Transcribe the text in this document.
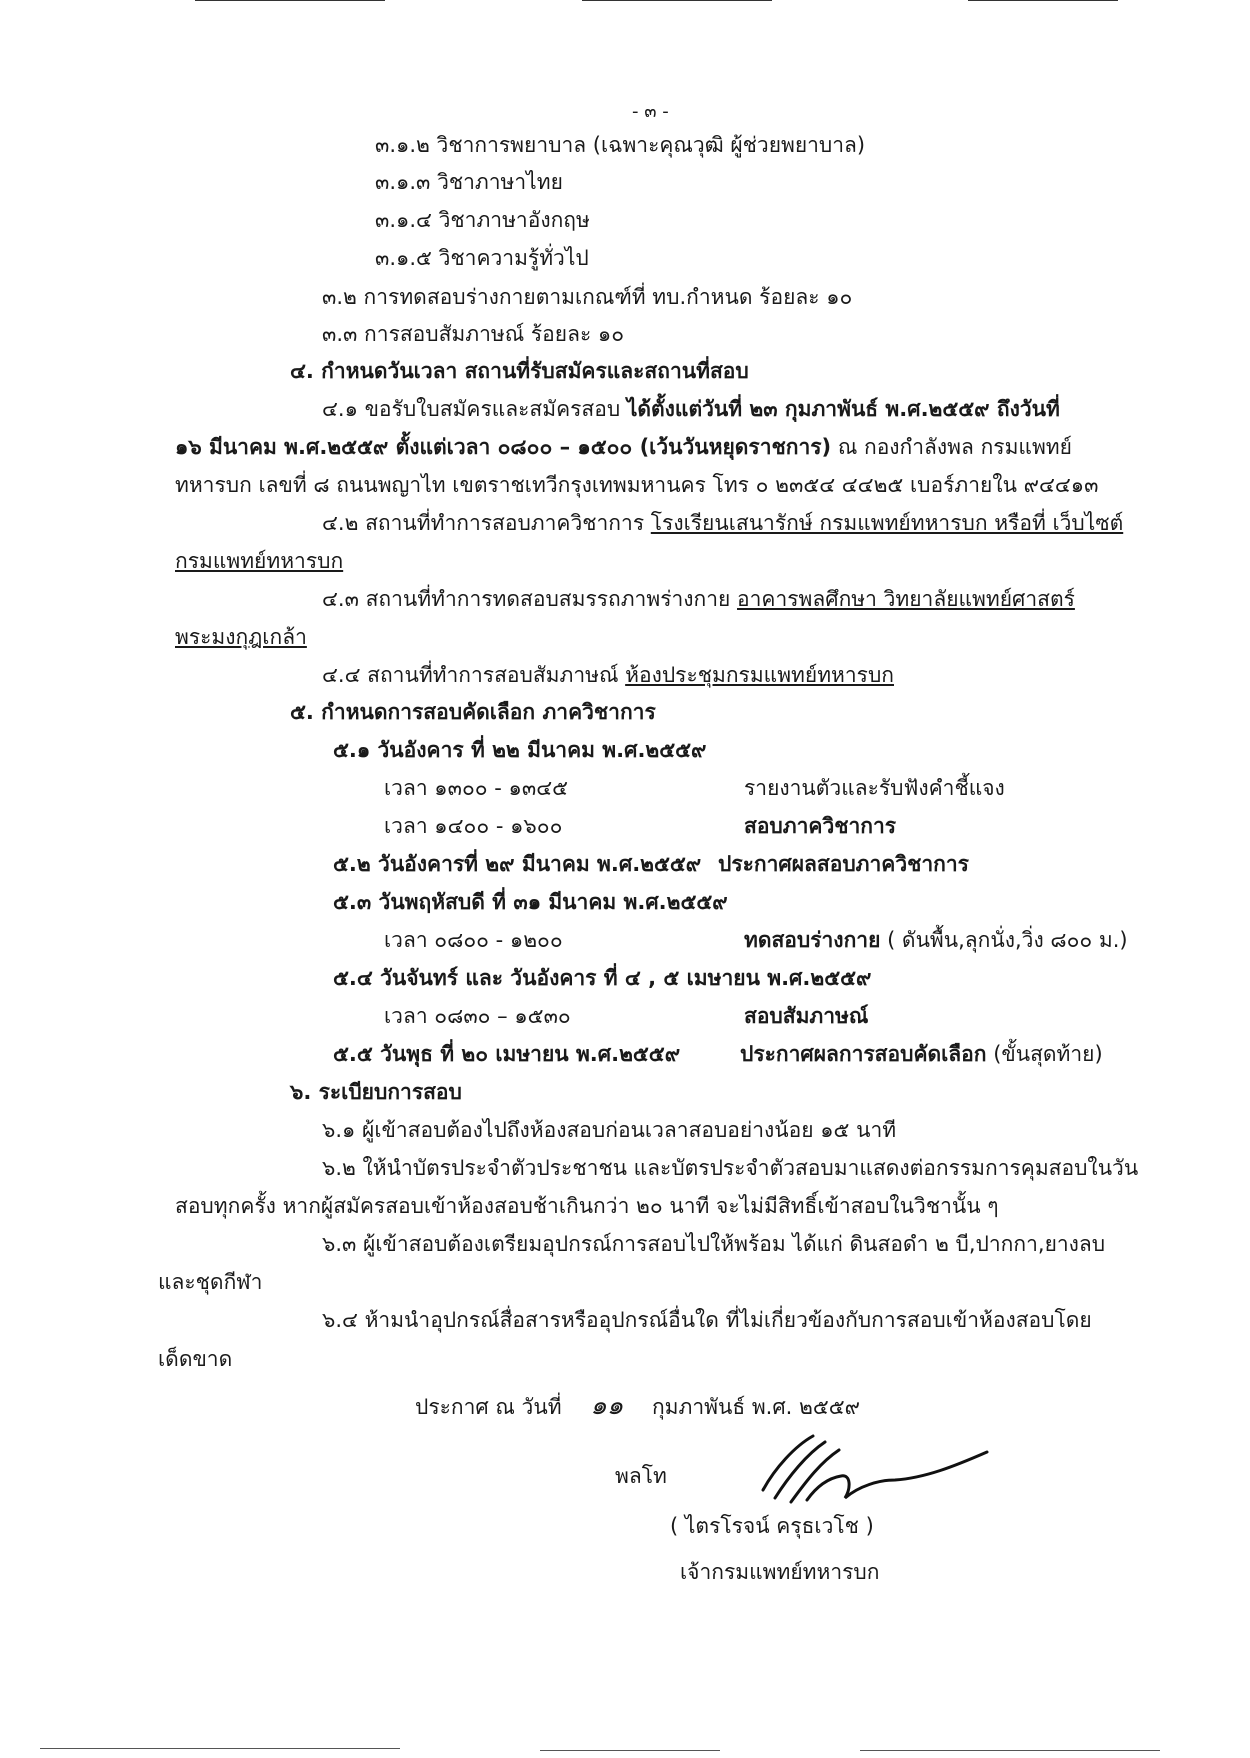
- ๓ -
๓.๑.๒ วิชาการพยาบาล (เฉพาะคุณวุฒิ ผู้ช่วยพยาบาล)
๓.๑.๓ วิชาภาษาไทย
๓.๑.๔ วิชาภาษาอังกฤษ
๓.๑.๕ วิชาความรู้ทั่วไป
๓.๒ การทดสอบร่างกายตามเกณฑ์ที่ ทบ.กำหนด ร้อยละ ๑๐
๓.๓ การสอบสัมภาษณ์ ร้อยละ ๑๐
๔. กำหนดวันเวลา สถานที่รับสมัครและสถานที่สอบ
๔.๑ ขอรับใบสมัครและสมัครสอบ ได้ตั้งแต่วันที่ ๒๓ กุมภาพันธ์ พ.ศ.๒๕๕๙ ถึงวันที่
๑๖ มีนาคม พ.ศ.๒๕๕๙ ตั้งแต่เวลา ๐๘๐๐ – ๑๕๐๐ (เว้นวันหยุดราชการ) ณ กองกำลังพล กรมแพทย์
ทหารบก เลขที่ ๘ ถนนพญาไท เขตราชเทวีกรุงเทพมหานคร โทร ๐ ๒๓๕๔ ๔๔๒๕ เบอร์ภายใน ๙๔๔๑๓
๔.๒ สถานที่ทำการสอบภาควิชาการ โรงเรียนเสนารักษ์ กรมแพทย์ทหารบก หรือที่ เว็บไซต์
กรมแพทย์ทหารบก
๔.๓ สถานที่ทำการทดสอบสมรรถภาพร่างกาย อาคารพลศึกษา วิทยาลัยแพทย์ศาสตร์
พระมงกุฎเกล้า
๔.๔ สถานที่ทำการสอบสัมภาษณ์ ห้องประชุมกรมแพทย์ทหารบก
๕. กำหนดการสอบคัดเลือก ภาควิชาการ
๕.๑ วันอังคาร ที่ ๒๒ มีนาคม พ.ศ.๒๕๕๙
เวลา ๑๓๐๐ - ๑๓๔๕	รายงานตัวและรับฟังคำชี้แจง
เวลา ๑๔๐๐ - ๑๖๐๐	สอบภาควิชาการ
๕.๒ วันอังคารที่ ๒๙ มีนาคม พ.ศ.๒๕๕๙ ประกาศผลสอบภาควิชาการ
๕.๓ วันพฤหัสบดี ที่ ๓๑ มีนาคม พ.ศ.๒๕๕๙
เวลา ๐๘๐๐ - ๑๒๐๐	ทดสอบร่างกาย ( ดันพื้น,ลุกนั่ง,วิ่ง ๘๐๐ ม.)
๕.๔ วันจันทร์ และ วันอังคาร ที่ ๔ , ๕ เมษายน พ.ศ.๒๕๕๙
เวลา ๐๘๓๐ – ๑๕๓๐	สอบสัมภาษณ์
๕.๕ วันพุธ ที่ ๒๐ เมษายน พ.ศ.๒๕๕๙	ประกาศผลการสอบคัดเลือก (ขั้นสุดท้าย)
๖. ระเบียบการสอบ
๖.๑ ผู้เข้าสอบต้องไปถึงห้องสอบก่อนเวลาสอบอย่างน้อย ๑๕ นาที
๖.๒ ให้นำบัตรประจำตัวประชาชน และบัตรประจำตัวสอบมาแสดงต่อกรรมการคุมสอบในวัน
สอบทุกครั้ง หากผู้สมัครสอบเข้าห้องสอบช้าเกินกว่า ๒๐ นาที จะไม่มีสิทธิ์เข้าสอบในวิชานั้น ๆ
๖.๓ ผู้เข้าสอบต้องเตรียมอุปกรณ์การสอบไปให้พร้อม ได้แก่ ดินสอดำ ๒ บี,ปากกา,ยางลบ
และชุดกีฬา
๖.๔ ห้ามนำอุปกรณ์สื่อสารหรืออุปกรณ์อื่นใด ที่ไม่เกี่ยวข้องกับการสอบเข้าห้องสอบโดย
เด็ดขาด
ประกาศ ณ วันที่ ๑๑ กุมภาพันธ์ พ.ศ. ๒๕๕๙
พลโท
( ไตรโรจน์ ครุธเวโช )
เจ้ากรมแพทย์ทหารบก
